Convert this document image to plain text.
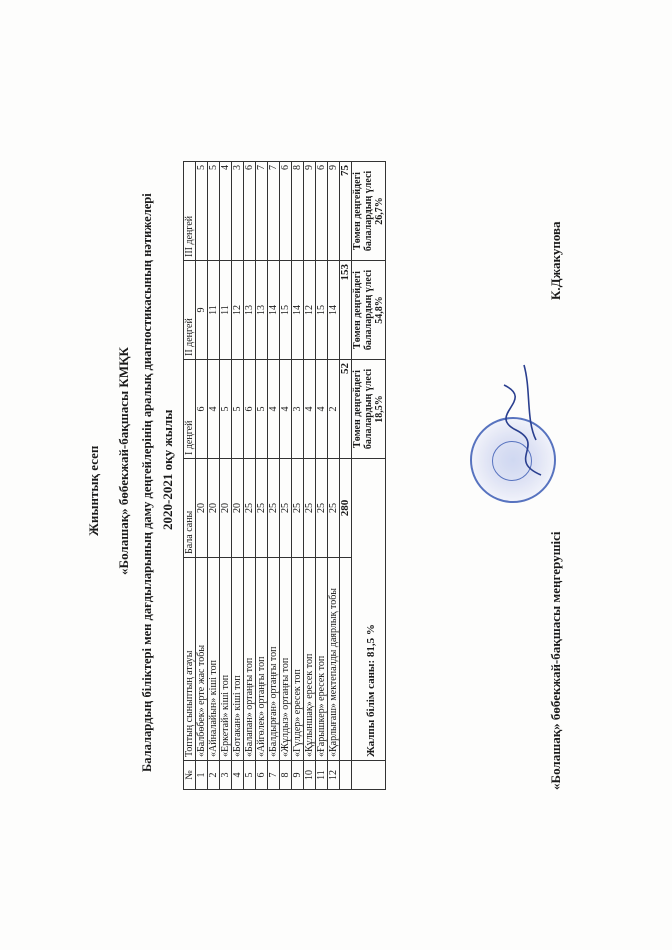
Жиынтық есеп «Болашақ» бөбекжай-бақшасы КМҚК Балалардың біліктері мен дағдыларының даму деңгейлерінің аралық диагностикасының нәтижелері 2020-2021 оқу жылы
№	Топтың сыныптың атауы	Бала саны	I деңгей	II деңгей	III деңгей
1	«Балбөбек» ерте жас тобы	20	6	9	5
2	«Айналайын» кіші топ	20	4	11	5
3	«Еркетай» кіші топ	20	5	11	4
4	«Ботакан» кіші топ	20	5	12	3
5	«Балапан» ортаңғы топ	25	6	13	6
6	«Айгөлек» ортаңғы топ	25	5	13	7
7	«Балдырған» ортаңғы топ	25	4	14	7
8	«Жұлдыз» ортаңғы топ	25	4	15	6
9	«Гүлдер» ересек топ	25	3	14	8
10	«Құлыншақ» ересек топ	25	4	12	9
11	«Ғарышкер» ересек топ	25	4	15	6
12	«Қарлығаш» мектепалды даярлық тобы	25	2	14	9
		280	52	153	75
	Жалпы білім саны: 81,5 %		Төмен деңгейдегі балалардың үлесі 18,5%	Төмен деңгейдегі балалардың үлесі 54,8%	Төмен деңгейдегі балалардың үлесі 26,7%
«Болашақ» бөбекжай-бақшасы меңгерушісі
К.Джакупова
